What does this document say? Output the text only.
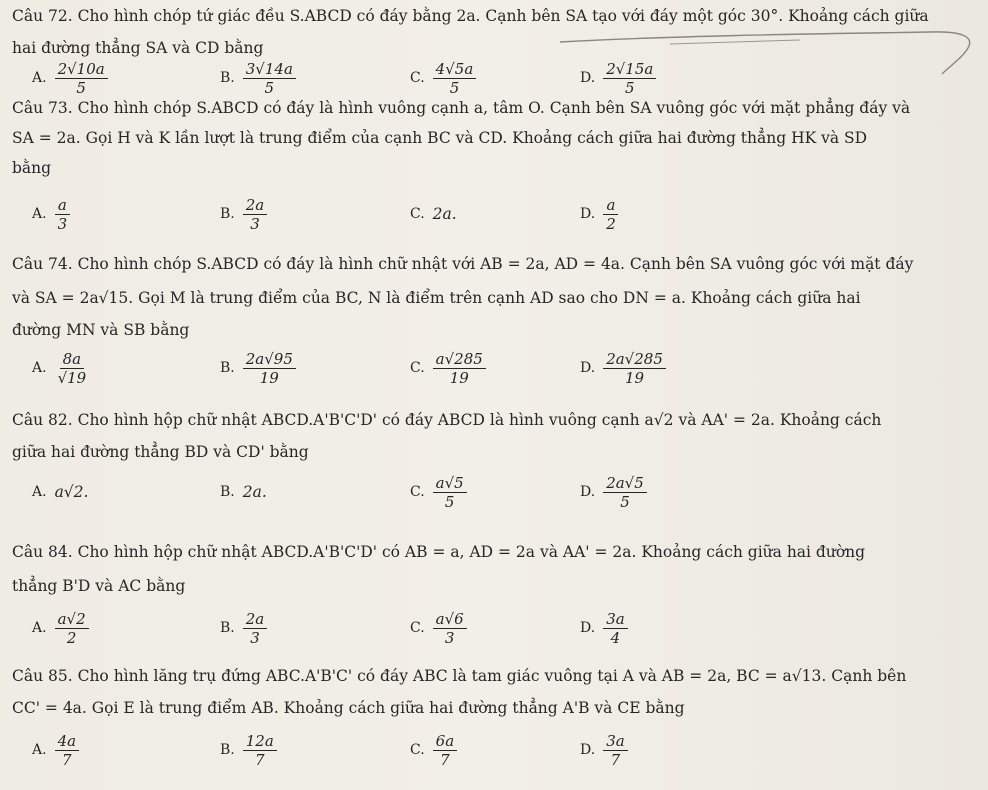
Câu 72. Cho hình chóp tứ giác đều S.ABCD có đáy bằng 2a. Cạnh bên SA tạo với đáy một góc 30°. Khoảng cách giữa
hai đường thẳng SA và CD bằng
A. $\frac{2√10a}{5}$	B. $\frac{3√14a}{5}$	C. $\frac{4√5a}{5}$	D. $\frac{2√15a}{5}$
Câu 73. Cho hình chóp S.ABCD có đáy là hình vuông cạnh a, tâm O. Cạnh bên SA vuông góc với mặt phẳng đáy và
SA = 2a. Gọi H và K lần lượt là trung điểm của cạnh BC và CD. Khoảng cách giữa hai đường thẳng HK và SD
bằng
A. $\frac{a}{3}$	B. $\frac{2a}{3}$	C. 2a.	D. $\frac{a}{2}$
Câu 74. Cho hình chóp S.ABCD có đáy là hình chữ nhật với AB = 2a, AD = 4a. Cạnh bên SA vuông góc với mặt đáy
và SA = 2a√15. Gọi M là trung điểm của BC, N là điểm trên cạnh AD sao cho DN = a. Khoảng cách giữa hai
đường MN và SB bằng
A. $\frac{8a}{√19}$	B. $\frac{2a√95}{19}$	C. $\frac{a√285}{19}$	D. $\frac{2a√285}{19}$
Câu 82. Cho hình hộp chữ nhật ABCD.A'B'C'D' có đáy ABCD là hình vuông cạnh a√2 và AA' = 2a. Khoảng cách
giữa hai đường thẳng BD và CD' bằng
A. a√2.	B. 2a.	C. $\frac{a√5}{5}$	D. $\frac{2a√5}{5}$
Câu 84. Cho hình hộp chữ nhật ABCD.A'B'C'D' có AB = a, AD = 2a và AA' = 2a. Khoảng cách giữa hai đường
thẳng B'D và AC bằng
A. $\frac{a√2}{2}$	B. $\frac{2a}{3}$	C. $\frac{a√6}{3}$	D. $\frac{3a}{4}$
Câu 85. Cho hình lăng trụ đứng ABC.A'B'C' có đáy ABC là tam giác vuông tại A và AB = 2a, BC = a√13. Cạnh bên
CC' = 4a. Gọi E là trung điểm AB. Khoảng cách giữa hai đường thẳng A'B và CE bằng
A. $\frac{4a}{7}$	B. $\frac{12a}{7}$	C. $\frac{6a}{7}$	D. $\frac{3a}{7}$
